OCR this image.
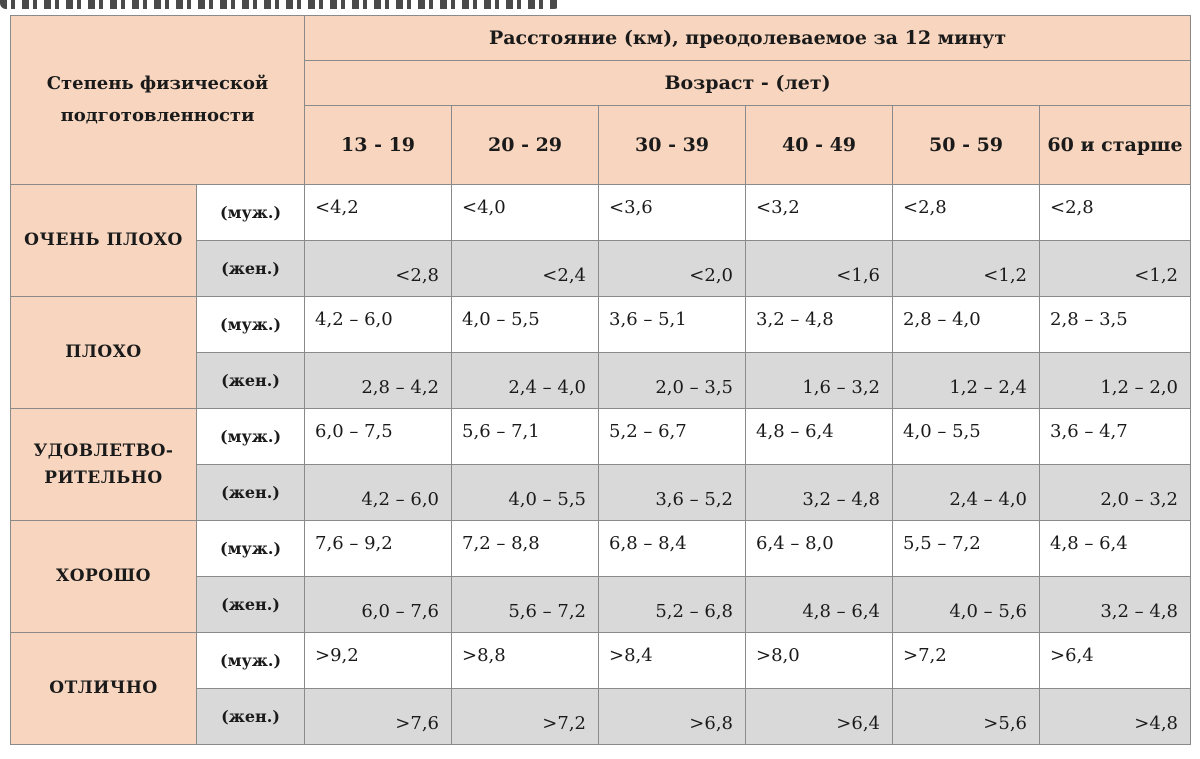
Степень физической подготовленности		Расстояние (км), преодолеваемое за 12 минут					
		Возраст - (лет)					
		13 - 19	20 - 29	30 - 39	40 - 49	50 - 59	60 и старше
ОЧЕНЬ ПЛОХО	(муж.)	<4,2	<4,0	<3,6	<3,2	<2,8	<2,8
	(жен.)	<2,8	<2,4	<2,0	<1,6	<1,2	<1,2
ПЛОХО	(муж.)	4,2 – 6,0	4,0 – 5,5	3,6 – 5,1	3,2 – 4,8	2,8 – 4,0	2,8 – 3,5
	(жен.)	2,8 – 4,2	2,4 – 4,0	2,0 – 3,5	1,6 – 3,2	1,2 – 2,4	1,2 – 2,0
УДОВЛЕТВО-РИТЕЛЬНО	(муж.)	6,0 – 7,5	5,6 – 7,1	5,2 – 6,7	4,8 – 6,4	4,0 – 5,5	3,6 – 4,7
	(жен.)	4,2 – 6,0	4,0 – 5,5	3,6 – 5,2	3,2 – 4,8	2,4 – 4,0	2,0 – 3,2
ХОРОШО	(муж.)	7,6 – 9,2	7,2 – 8,8	6,8 – 8,4	6,4 – 8,0	5,5 – 7,2	4,8 – 6,4
	(жен.)	6,0 – 7,6	5,6 – 7,2	5,2 – 6,8	4,8 – 6,4	4,0 – 5,6	3,2 – 4,8
ОТЛИЧНО	(муж.)	>9,2	>8,8	>8,4	>8,0	>7,2	>6,4
	(жен.)	>7,6	>7,2	>6,8	>6,4	>5,6	>4,8
